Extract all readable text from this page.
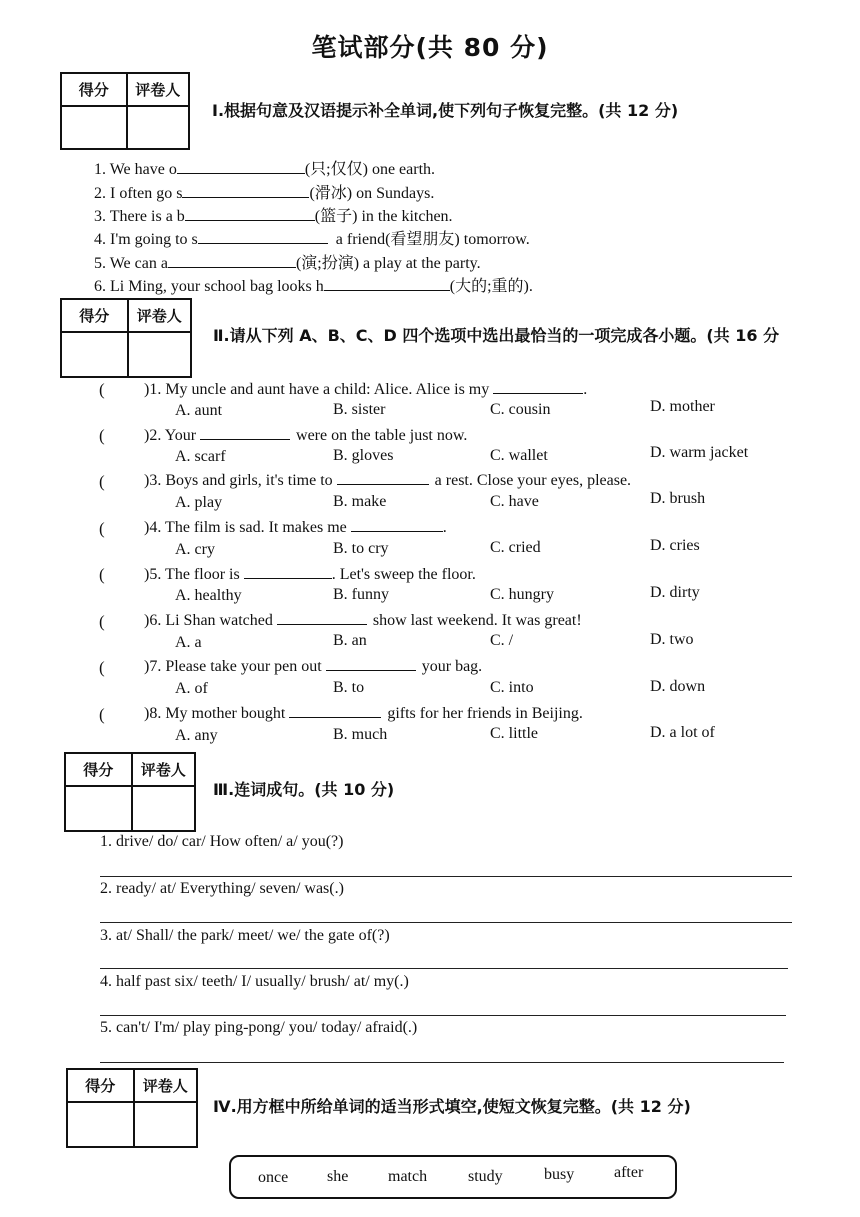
笔试部分(共 80 分)
得分	评卷人
Ⅰ.根据句意及汉语提示补全单词,使下列句子恢复完整。(共 12 分)
1. We have o	(只;仅仅) one earth.
2. I often go s	(滑冰) on Sundays.
3. There is a b	(篮子) in the kitchen.
4. I'm going to s	a friend(看望朋友) tomorrow.
5. We can a	(演;扮演) a play at the party.
6. Li Ming, your school bag looks h	(大的;重的).
得分	评卷人
Ⅱ.请从下列 A、B、C、D 四个选项中选出最恰当的一项完成各小题。(共 16 分
( )1. My uncle and aunt have a child: Alice. Alice is my	.
A. aunt	B. sister	C. cousin	D. mother
( )2. Your	were on the table just now.
A. scarf	B. gloves	C. wallet	D. warm jacket
( )3. Boys and girls, it's time to	a rest. Close your eyes, please.
A. play	B. make	C. have	D. brush
( )4. The film is sad. It makes me	.
A. cry	B. to cry	C. cried	D. cries
( )5. The floor is	. Let's sweep the floor.
A. healthy	B. funny	C. hungry	D. dirty
( )6. Li Shan watched	show last weekend. It was great!
A. a	B. an	C. /	D. two
( )7. Please take your pen out	your bag.
A. of	B. to	C. into	D. down
( )8. My mother bought	gifts for her friends in Beijing.
A. any	B. much	C. little	D. a lot of
得分	评卷人
Ⅲ.连词成句。(共 10 分)
1. drive/ do/ car/ How often/ a/ you(?)
2. ready/ at/ Everything/ seven/ was(.)
3. at/ Shall/ the park/ meet/ we/ the gate of(?)
4. half past six/ teeth/ I/ usually/ brush/ at/ my(.)
5. can't/ I'm/ play ping-pong/ you/ today/ afraid(.)
得分	评卷人
Ⅳ.用方框中所给单词的适当形式填空,使短文恢复完整。(共 12 分)
once she match	study	busy after
